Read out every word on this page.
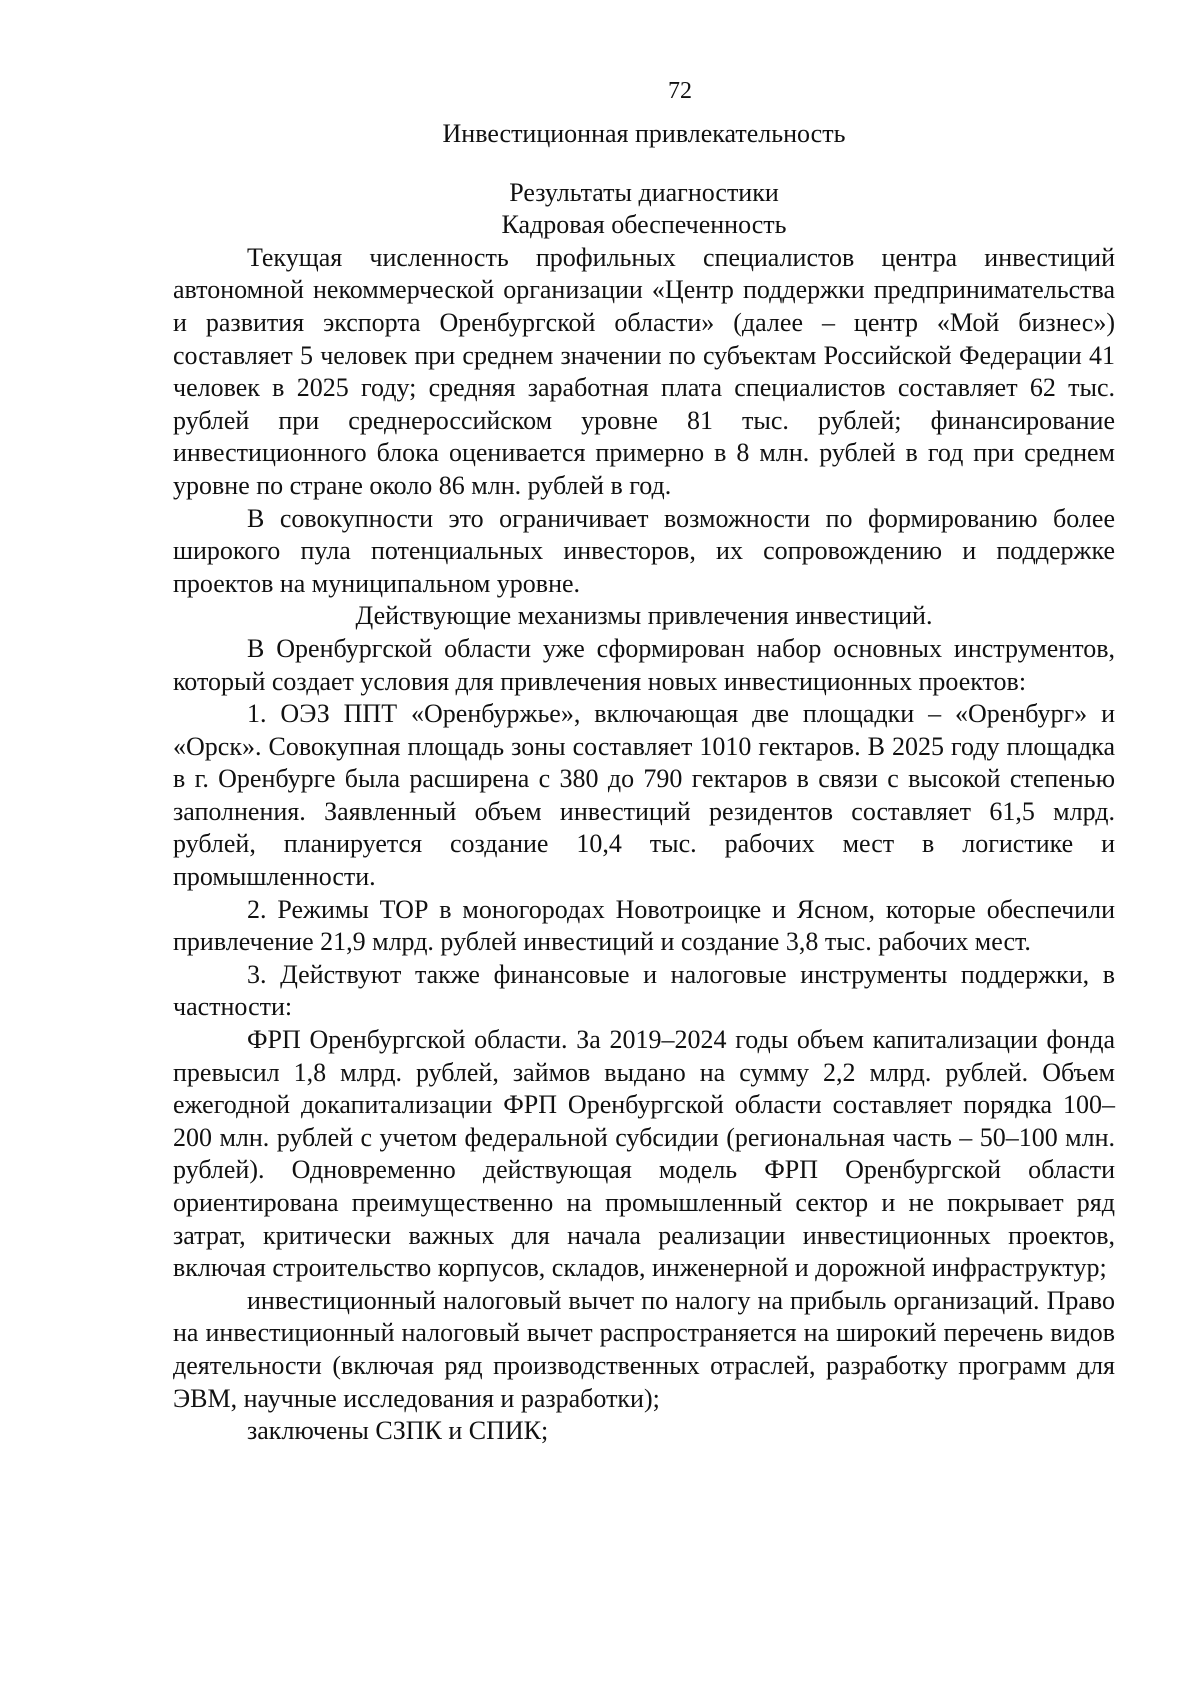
72
Инвестиционная привлекательность
Результаты диагностики
Кадровая обеспеченность

Текущая численность профильных специалистов центра инвестиций автономной некоммерческой организации «Центр поддержки предпринимательства и развития экспорта Оренбургской области» (далее – центр «Мой бизнес») составляет 5 человек при среднем значении по субъектам Российской Федерации 41 человек в 2025 году; средняя заработная плата специалистов составляет 62 тыс. рублей при среднероссийском уровне 81 тыс. рублей; финансирование инвестиционного блока оценивается примерно в 8 млн. рублей в год при среднем уровне по стране около 86 млн. рублей в год.

В совокупности это ограничивает возможности по формированию более широкого пула потенциальных инвесторов, их сопровождению и поддержке проектов на муниципальном уровне.

Действующие механизмы привлечения инвестиций.

В Оренбургской области уже сформирован набор основных инструментов, который создает условия для привлечения новых инвестиционных проектов:

1. ОЭЗ ППТ «Оренбуржье», включающая две площадки – «Оренбург» и «Орск». Совокупная площадь зоны составляет 1010 гектаров. В 2025 году площадка в г. Оренбурге была расширена с 380 до 790 гектаров в связи с высокой степенью заполнения. Заявленный объем инвестиций резидентов составляет 61,5 млрд. рублей, планируется создание 10,4 тыс. рабочих мест в логистике и промышленности.

2. Режимы ТОР в моногородах Новотроицке и Ясном, которые обеспечили привлечение 21,9 млрд. рублей инвестиций и создание 3,8 тыс. рабочих мест.

3. Действуют также финансовые и налоговые инструменты поддержки, в частности:

ФРП Оренбургской области. За 2019–2024 годы объем капитализации фонда превысил 1,8 млрд. рублей, займов выдано на сумму 2,2 млрд. рублей. Объем ежегодной докапитализации ФРП Оренбургской области составляет порядка 100–200 млн. рублей с учетом федеральной субсидии (региональная часть – 50–100 млн. рублей). Одновременно действующая модель ФРП Оренбургской области ориентирована преимущественно на промышленный сектор и не покрывает ряд затрат, критически важных для начала реализации инвестиционных проектов, включая строительство корпусов, складов, инженерной и дорожной инфраструктур;

инвестиционный налоговый вычет по налогу на прибыль организаций. Право на инвестиционный налоговый вычет распространяется на широкий перечень видов деятельности (включая ряд производственных отраслей, разработку программ для ЭВМ, научные исследования и разработки);

заключены СЗПК и СПИК;
